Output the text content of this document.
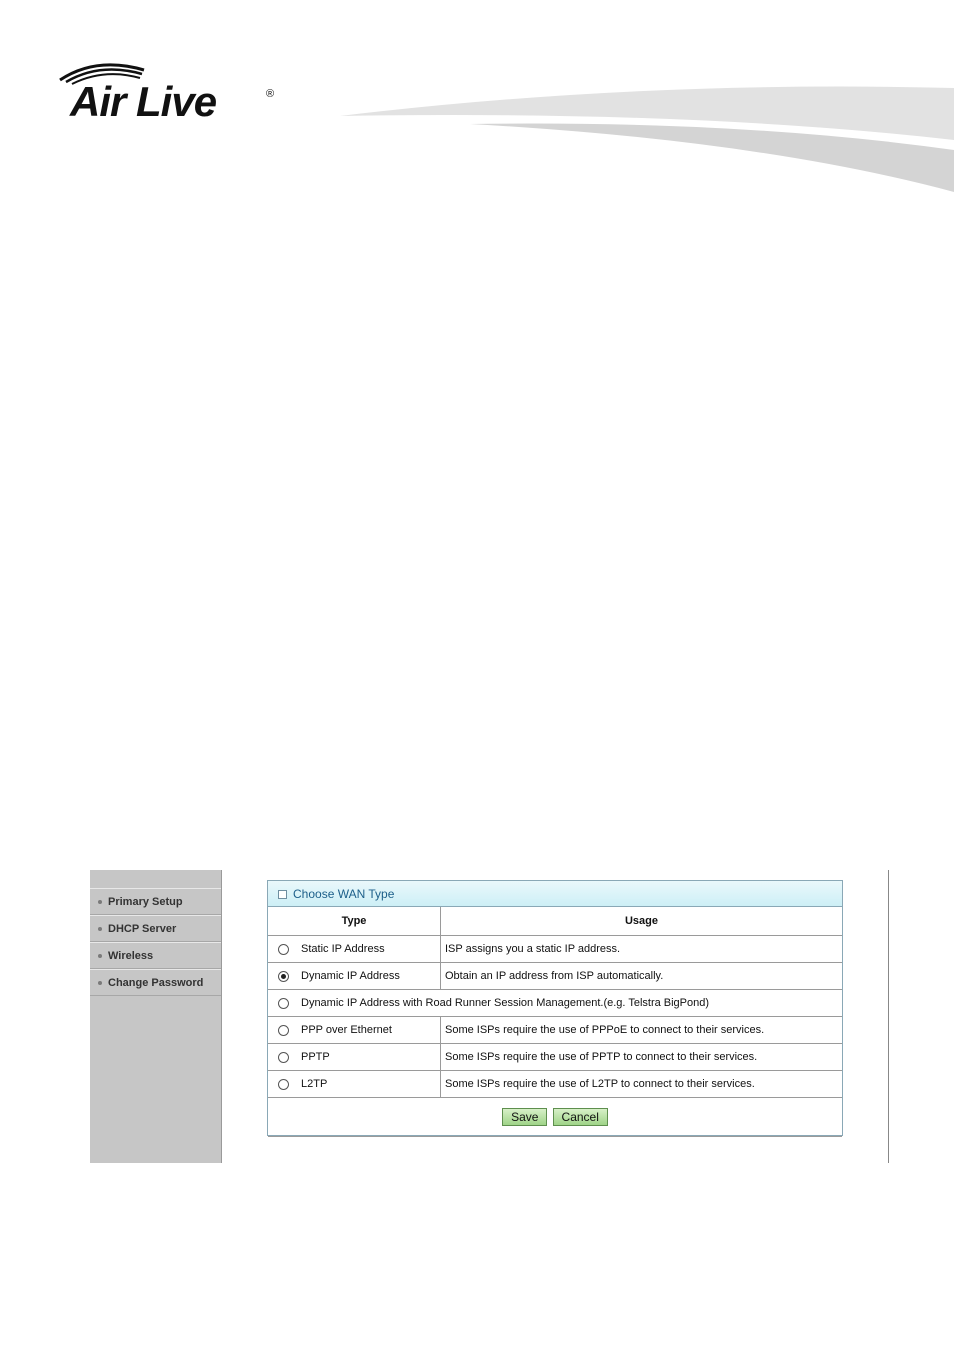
Air Live	®
Primary Setup
DHCP Server
Wireless
Change Password
Choose WAN Type
Type	Usage
Static IP Address	ISP assigns you a static IP address.
Dynamic IP Address	Obtain an IP address from ISP automatically.
Dynamic IP Address with Road Runner Session Management.(e.g. Telstra BigPond)	
PPP over Ethernet	Some ISPs require the use of PPPoE to connect to their services.
PPTP	Some ISPs require the use of PPTP to connect to their services.
L2TP	Some ISPs require the use of L2TP to connect to their services.
Save Cancel	
